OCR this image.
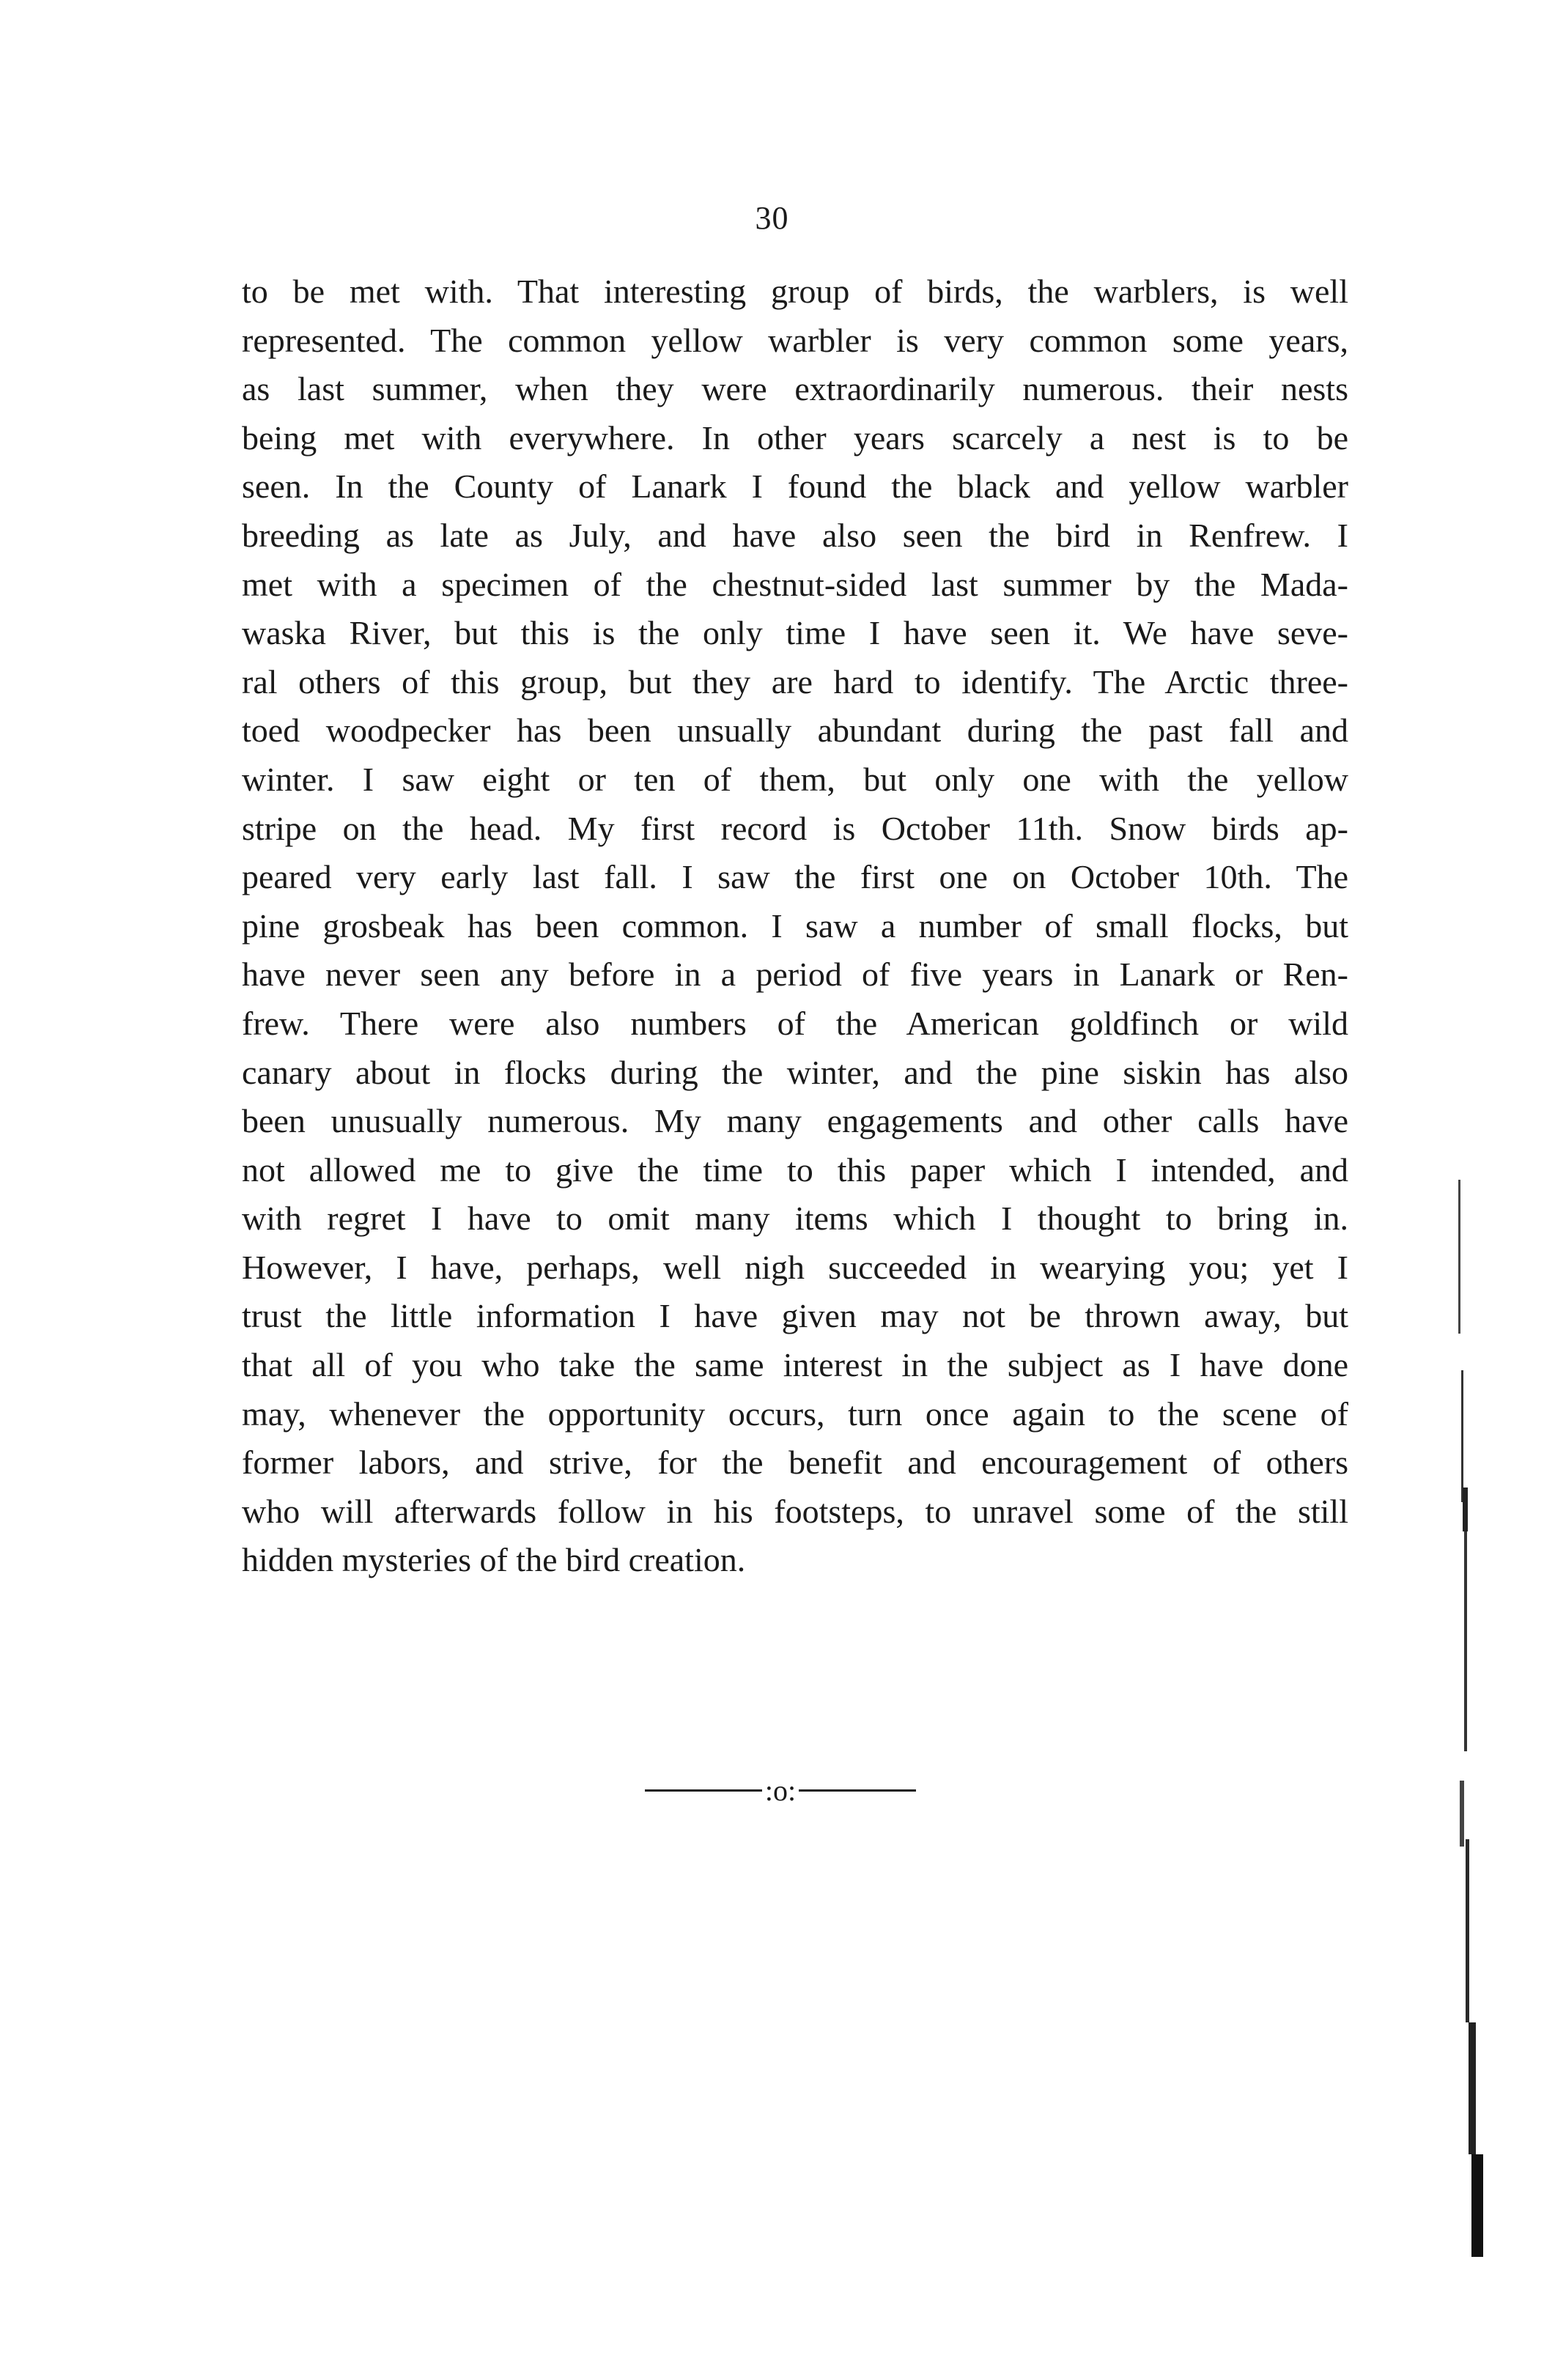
30
to be met with. That interesting group of birds, the warblers, is well
represented. The common yellow warbler is very common some years,
as last summer, when they were extraordinarily numerous. their nests
being met with everywhere. In other years scarcely a nest is to be
seen. In the County of Lanark I found the black and yellow warbler
breeding as late as July, and have also seen the bird in Renfrew. I
met with a specimen of the chestnut-sided last summer by the Mada-
waska River, but this is the only time I have seen it. We have seve-
ral others of this group, but they are hard to identify. The Arctic three-
toed woodpecker has been unsually abundant during the past fall and
winter. I saw eight or ten of them, but only one with the yellow
stripe on the head. My first record is October 11th. Snow birds ap-
peared very early last fall. I saw the first one on October 10th. The
pine grosbeak has been common. I saw a number of small flocks, but
have never seen any before in a period of five years in Lanark or Ren-
frew. There were also numbers of the American goldfinch or wild
canary about in flocks during the winter, and the pine siskin has also
been unusually numerous. My many engagements and other calls have
not allowed me to give the time to this paper which I intended, and
with regret I have to omit many items which I thought to bring in.
However, I have, perhaps, well nigh succeeded in wearying you; yet I
trust the little information I have given may not be thrown away, but
that all of you who take the same interest in the subject as I have done
may, whenever the opportunity occurs, turn once again to the scene of
former labors, and strive, for the benefit and encouragement of others
who will afterwards follow in his footsteps, to unravel some of the still
hidden mysteries of the bird creation.
:o:
